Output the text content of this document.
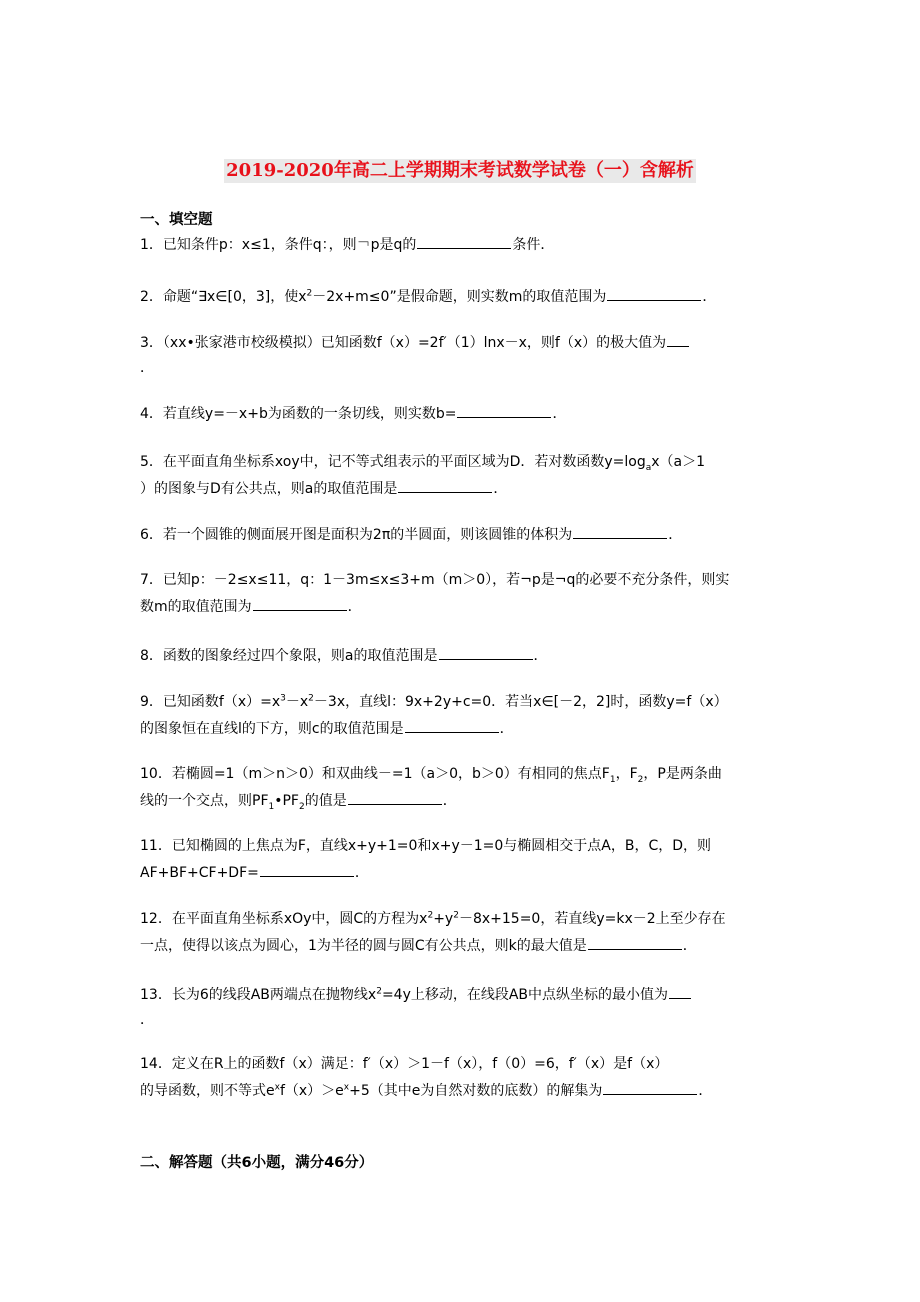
2019-2020年高二上学期期末考试数学试卷（一）含解析

一、填空题

1．已知条件p：x≤1，条件q：，则￢p是q的	条件．
2．命题“∃x∈[0，3]，使$x^2-2x+m\le 0$”是假命题，则实数m的取值范围为	．
3．（xx•张家港市校级模拟）已知函数f（x）=2f′（1）lnx－x，则f（x）的极大值为
．
4．若直线y=－x+b为函数的一条切线，则实数b=	．
5．在平面直角坐标系xoy中，记不等式组表示的平面区域为D．若对数函数$y=\log_ax(a>1$
）的图象与D有公共点，则a的取值范围是	．
6．若一个圆锥的侧面展开图是面积为2π的半圆面，则该圆锥的体积为	．
7．已知p：－2≤x≤11，q：1－3m≤x≤3+m（m＞0），若¬p是¬q的必要不充分条件，则实
数m的取值范围为	．
8．函数的图象经过四个象限，则a的取值范围是	．
9．已知函数$f(x)=x^3-x^2-3x$，直线l：9x+2y+c=0．若当x∈[－2，2]时，函数y=f（x）
的图象恒在直线l的下方，则c的取值范围是	．
10．若椭圆=1（m＞n＞0）和双曲线－=1（a＞0，b＞0）有相同的焦点$F_1$，$F_2$，P是两条曲
线的一个交点，则$PF_1•PF_2$的值是	．
11．已知椭圆的上焦点为F，直线x+y+1=0和x+y－1=0与椭圆相交于点A，B，C，D，则
AF+BF+CF+DF=	．
12．在平面直角坐标系xOy中，圆C的方程为$x^2+y^2-8x+15=0$，若直线y=kx－2上至少存在
一点，使得以该点为圆心，1为半径的圆与圆C有公共点，则k的最大值是	．
13．长为6的线段AB两端点在抛物线$x^2=4y$上移动，在线段AB中点纵坐标的最小值为
．
14．定义在R上的函数f（x）满足：f′（x）＞1－f（x），f（0）=6，f′（x）是f（x）
的导函数，则不等式$e^xf(x)>e^x+5$（其中e为自然对数的底数）的解集为	．

二、解答题（共6小题，满分46分）
